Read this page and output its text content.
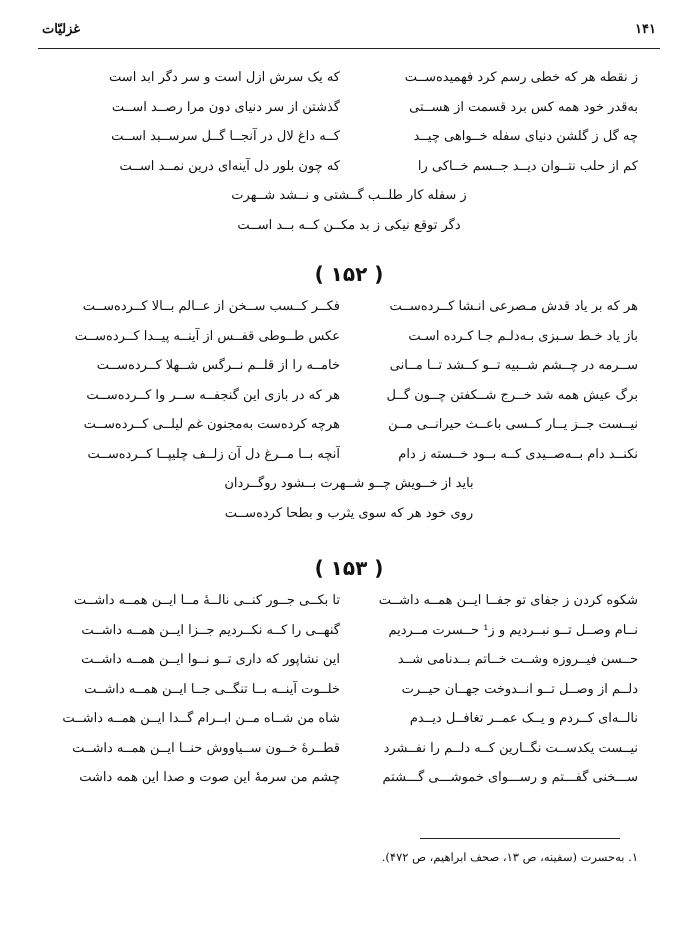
۱۴۱
غزلیّات
ز نقطه هر که خطی رسم کرد فهمیده‌ســت
که یک سرش ازل است و سر دگر ابد است
به‌قدر خود همه کس برد قسمت از هســتی
گذشتن از سر دنیای دون مرا رصــد اســت
چه گل ز گلشن دنیای سفله خــواهی چیــد
کــه داغ لال در آنجــا گــل سرســبد اســت
کم از حلب نتــوان دیــد جــسم خــاکی را
که چون بلور دل آینه‌ای درین نمــد اســت
ز سفله کار طلــب گــشتی و نــشد شــهرت
دگر توقع نیکی ز بد مکــن کــه بــد اســت
( ۱۵۲ )
هر که بر یاد قدش مـصرعی انـشا کــرده‌ســت
فکــر کــسب ســخن از عــالم بــالا کــرده‌ســت
باز یاد خـط سـبزی بـه‌دلـم جـا کـرده اسـت
عکس طــوطی قفــس از آینــه پیــدا کــرده‌ســت
ســرمه در چــشم شــبیه تــو کــشد تــا مــانی
خامــه را از قلــم نــرگس شــهلا کــرده‌ســت
برگ عیش همه شد خــرج شــکفتن چــون گــل
هر که در بازی این گنجفــه ســر وا کــرده‌ســت
نیــست جــز یــار کــسی باعــث حیرانــی مــن
هرچه کرده‌ست به‌مجنون غم لیلــی کــرده‌ســت
نکنــد دام بــه‌صــیدی کــه بــود خــسته ز دام
آنچه بــا مــرغ دل آن زلــف چلیپــا کــرده‌ســت
باید از خــویش چــو شــهرت بــشود روگــردان
روی خود هر که سوی یثرب و بطحا کرده‌ســت
( ۱۵۳ )
شکوه کردن ز جفای تو جفــا ایــن همــه داشــت
تا بکــی جــور کنــی نالــهٔ مــا ایــن همــه داشــت
نــام وصــل تــو نبــردیم و ز¹ حــسرت مــردیم
گنهــی را کــه نکــردیم جــزا ایــن همــه داشــت
حــسن فیــروزه وشــت خــاتم بــدنامی شــد
این نشاپور که داری تــو نــوا ایــن همــه داشــت
دلــم از وصــل تــو انــدوخت جهــان حیــرت
خلــوت آینــه بــا تنگــی جــا ایــن همــه داشــت
نالــه‌ای کــردم و یــک عمــر تغافــل دیــدم
شاه من شــاه مــن ابــرام گــدا ایــن همــه داشــت
نیــست یکدســت نگــارین کــه دلــم را نفــشرد
قطــرهٔ خــون ســیاووش حنــا ایــن همــه داشــت
ســـخنی گفـــتم و رســـوای خموشـــی گـــشتم
چشم من سرمهٔ این صوت و صدا این همه داشت
۱. به‌حسرت (سفینه، ص ۱۳، صحف ابراهیم، ص ۴۷۲).
